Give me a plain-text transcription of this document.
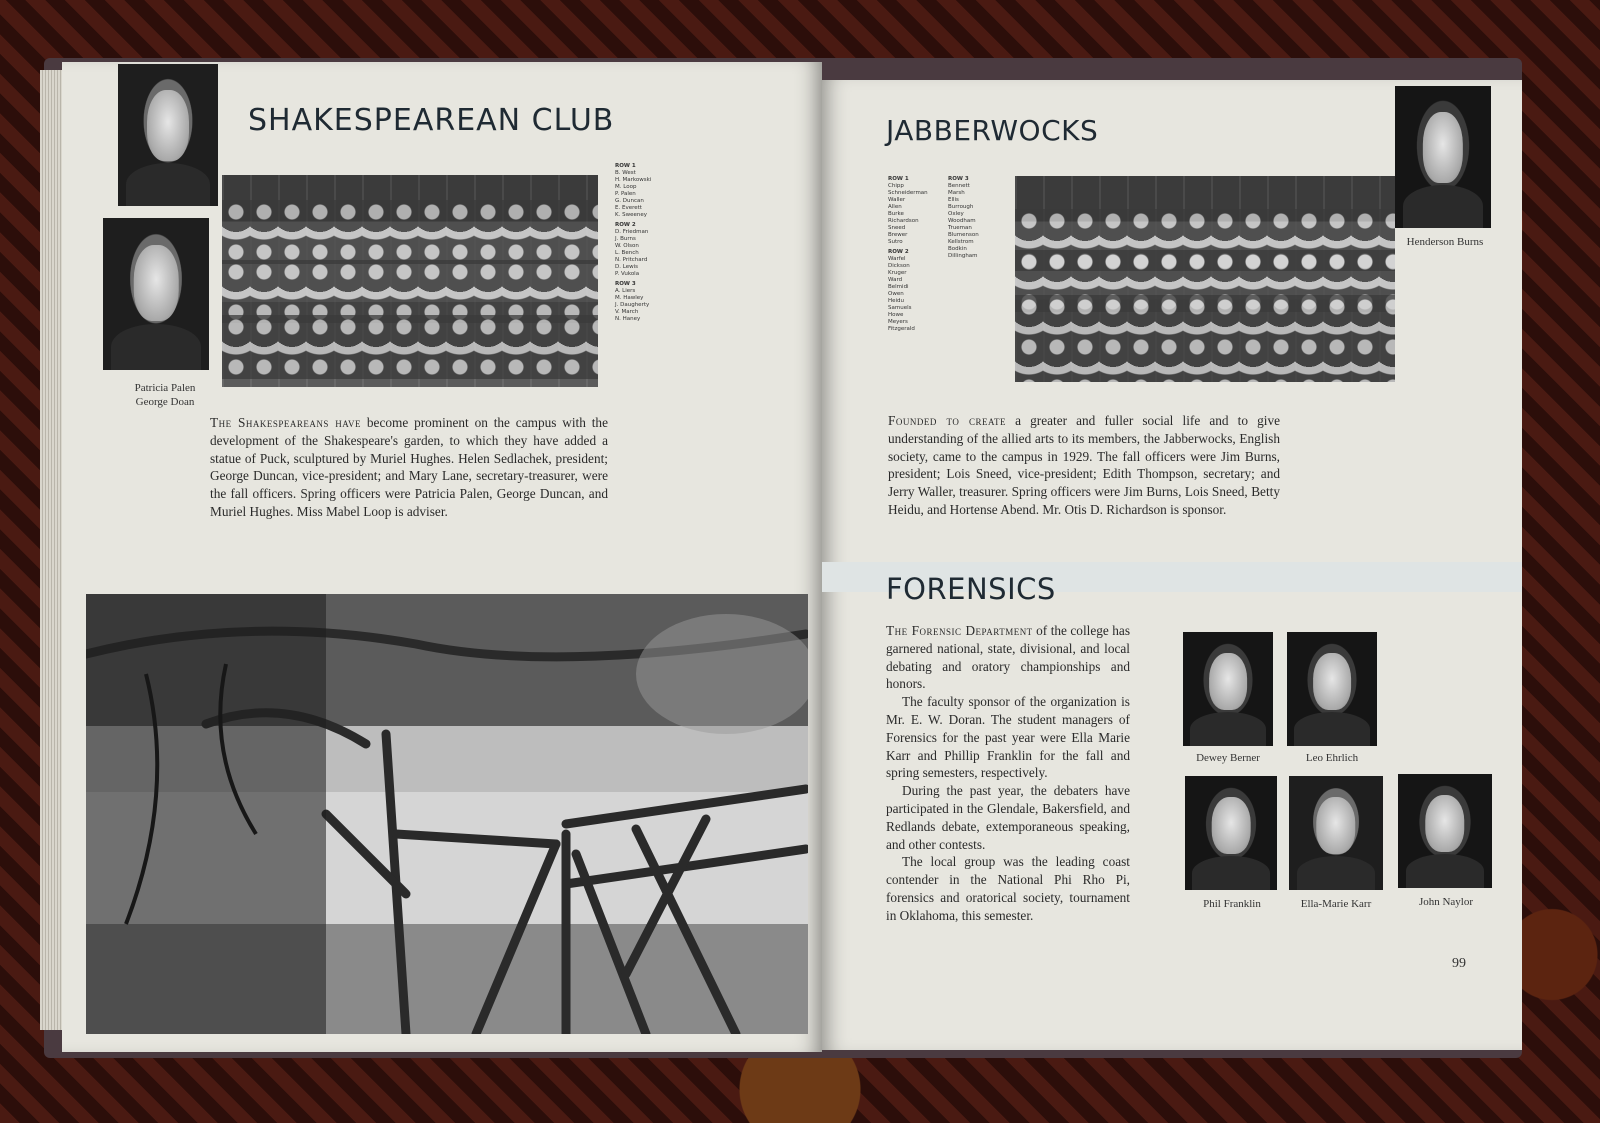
Patricia Palen
George Doan
SHAKESPEAREAN CLUB
ROW 1
B. West
H. Markowski
M. Loop
P. Palen
G. Duncan
E. Everett
K. Sweeney
ROW 2
D. Friedman
J. Burns
W. Olson
L. Bench
N. Pritchard
D. Lewis
P. Vukola
ROW 3
A. Liers
M. Hawley
J. Daugherty
V. March
N. Haney

The Shakespeareans have become prominent on the campus with the development of the Shakespeare's garden, to which they have added a statue of Puck, sculptured by Muriel Hughes. Helen Sedlachek, president; George Duncan, vice-president; and Mary Lane, secretary-treasurer, were the fall officers. Spring officers were Patricia Palen, George Duncan, and Muriel Hughes. Miss Mabel Loop is adviser.

JABBERWOCKS
Henderson Burns
ROW 1
Chipp
Schneiderman
Waller
Allen
Burke
Richardson
Sneed
Brewer
Sutro
ROW 2
Warfel
Dickson
Kruger
Ward
Belmidi
Owen
Heidu
Samuels
Howe
Meyers
Fitzgerald
ROW 3
Bennett
Marsh
Ellis
Burrough
Oxley
Woodham
Trueman
Blumenson
Kellstrom
Bodkin
Dillingham

Founded to create a greater and fuller social life and to give understanding of the allied arts to its members, the Jabberwocks, English society, came to the campus in 1929. The fall officers were Jim Burns, president; Lois Sneed, vice-president; Edith Thompson, secretary; and Jerry Waller, treasurer. Spring officers were Jim Burns, Lois Sneed, Betty Heidu, and Hortense Abend. Mr. Otis D. Richardson is sponsor.

FORENSICS

The Forensic Department of the college has garnered national, state, divisional, and local debating and oratory championships and honors.

The faculty sponsor of the organization is Mr. E. W. Doran. The student managers of Forensics for the past year were Ella Marie Karr and Phillip Franklin for the fall and spring semesters, respectively.

During the past year, the debaters have participated in the Glendale, Bakersfield, and Redlands debate, extemporaneous speaking, and other contests.

The local group was the leading coast contender in the National Phi Rho Pi, forensics and oratorical society, tournament in Oklahoma, this semester.

Dewey Berner	Leo Ehrlich
Phil Franklin	Ella-Marie Karr	John Naylor
99
